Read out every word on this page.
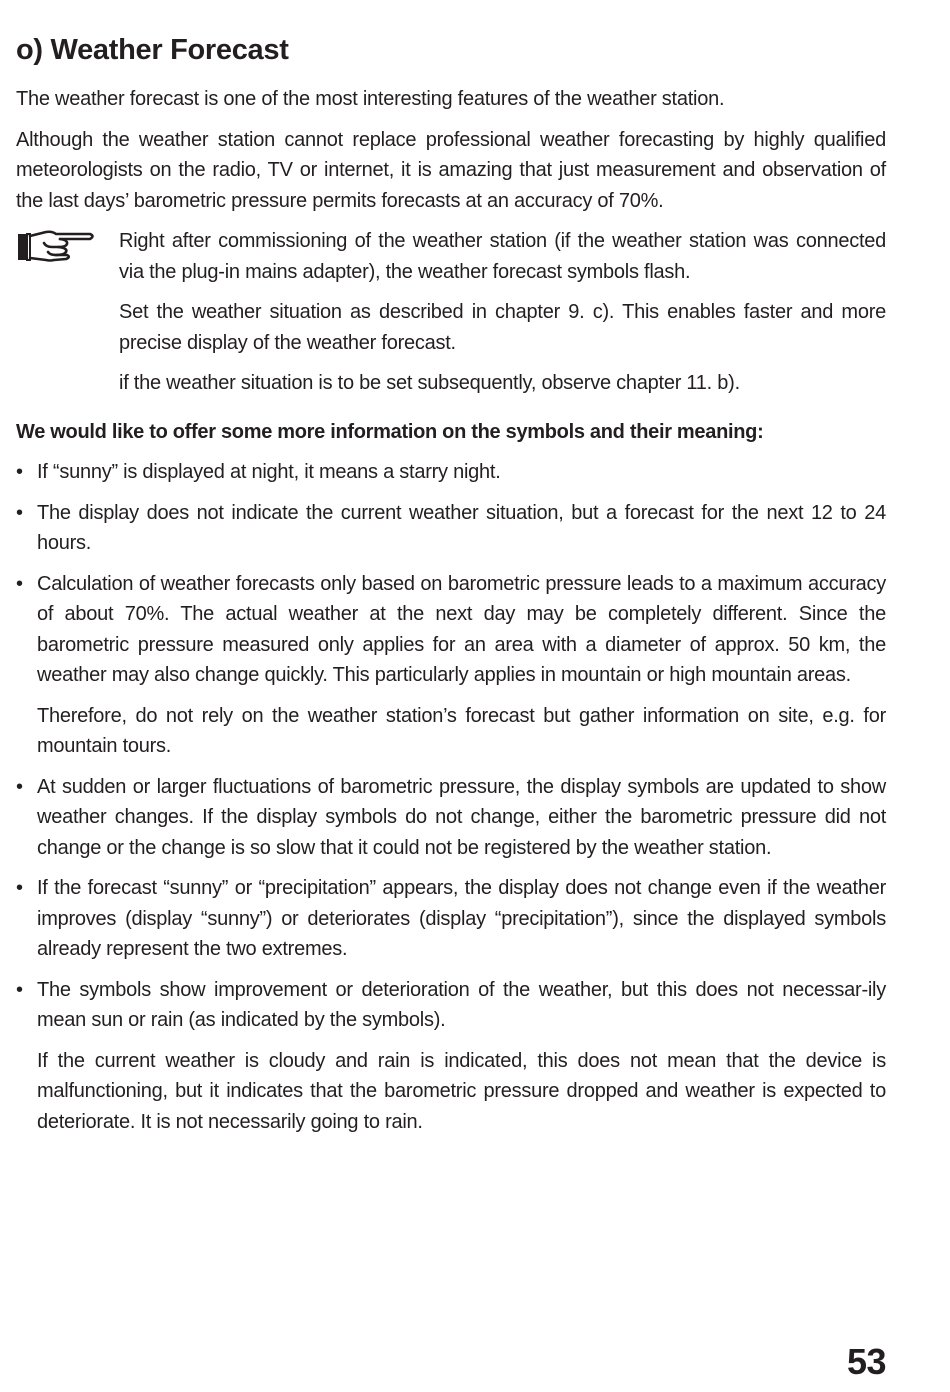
o) Weather Forecast

The weather forecast is one of the most interesting features of the weather station.

Although the weather station cannot replace professional weather forecasting by highly qualified meteorologists on the radio, TV or internet, it is amazing that just measurement and observation of the last days’ barometric pressure permits forecasts at an accuracy of 70%.

Right after commissioning of the weather station (if the weather station was connected via the plug-in mains adapter), the weather forecast symbols flash.

Set the weather situation as described in chapter 9. c). This enables faster and more precise display of the weather forecast.

if the weather situation is to be set subsequently, observe chapter 11. b).

We would like to offer some more information on the symbols and their meaning:

• If “sunny” is displayed at night, it means a starry night.

• The display does not indicate the current weather situation, but a forecast for the next 12 to 24 hours.

• Calculation of weather forecasts only based on barometric pressure leads to a maximum accuracy of about 70%. The actual weather at the next day may be completely different. Since the barometric pressure measured only applies for an area with a diameter of approx. 50 km, the weather may also change quickly. This particularly applies in mountain or high mountain areas.

Therefore, do not rely on the weather station’s forecast but gather information on site, e.g. for mountain tours.

• At sudden or larger fluctuations of barometric pressure, the display symbols are updated to show weather changes. If the display symbols do not change, either the barometric pressure did not change or the change is so slow that it could not be registered by the weather station.

• If the forecast “sunny” or “precipitation” appears, the display does not change even if the weather improves (display “sunny”) or deteriorates (display “precipitation”), since the displayed symbols already represent the two extremes.

• The symbols show improvement or deterioration of the weather, but this does not necessar-ily mean sun or rain (as indicated by the symbols).

If the current weather is cloudy and rain is indicated, this does not mean that the device is malfunctioning, but it indicates that the barometric pressure dropped and weather is expected to deteriorate. It is not necessarily going to rain.

53
